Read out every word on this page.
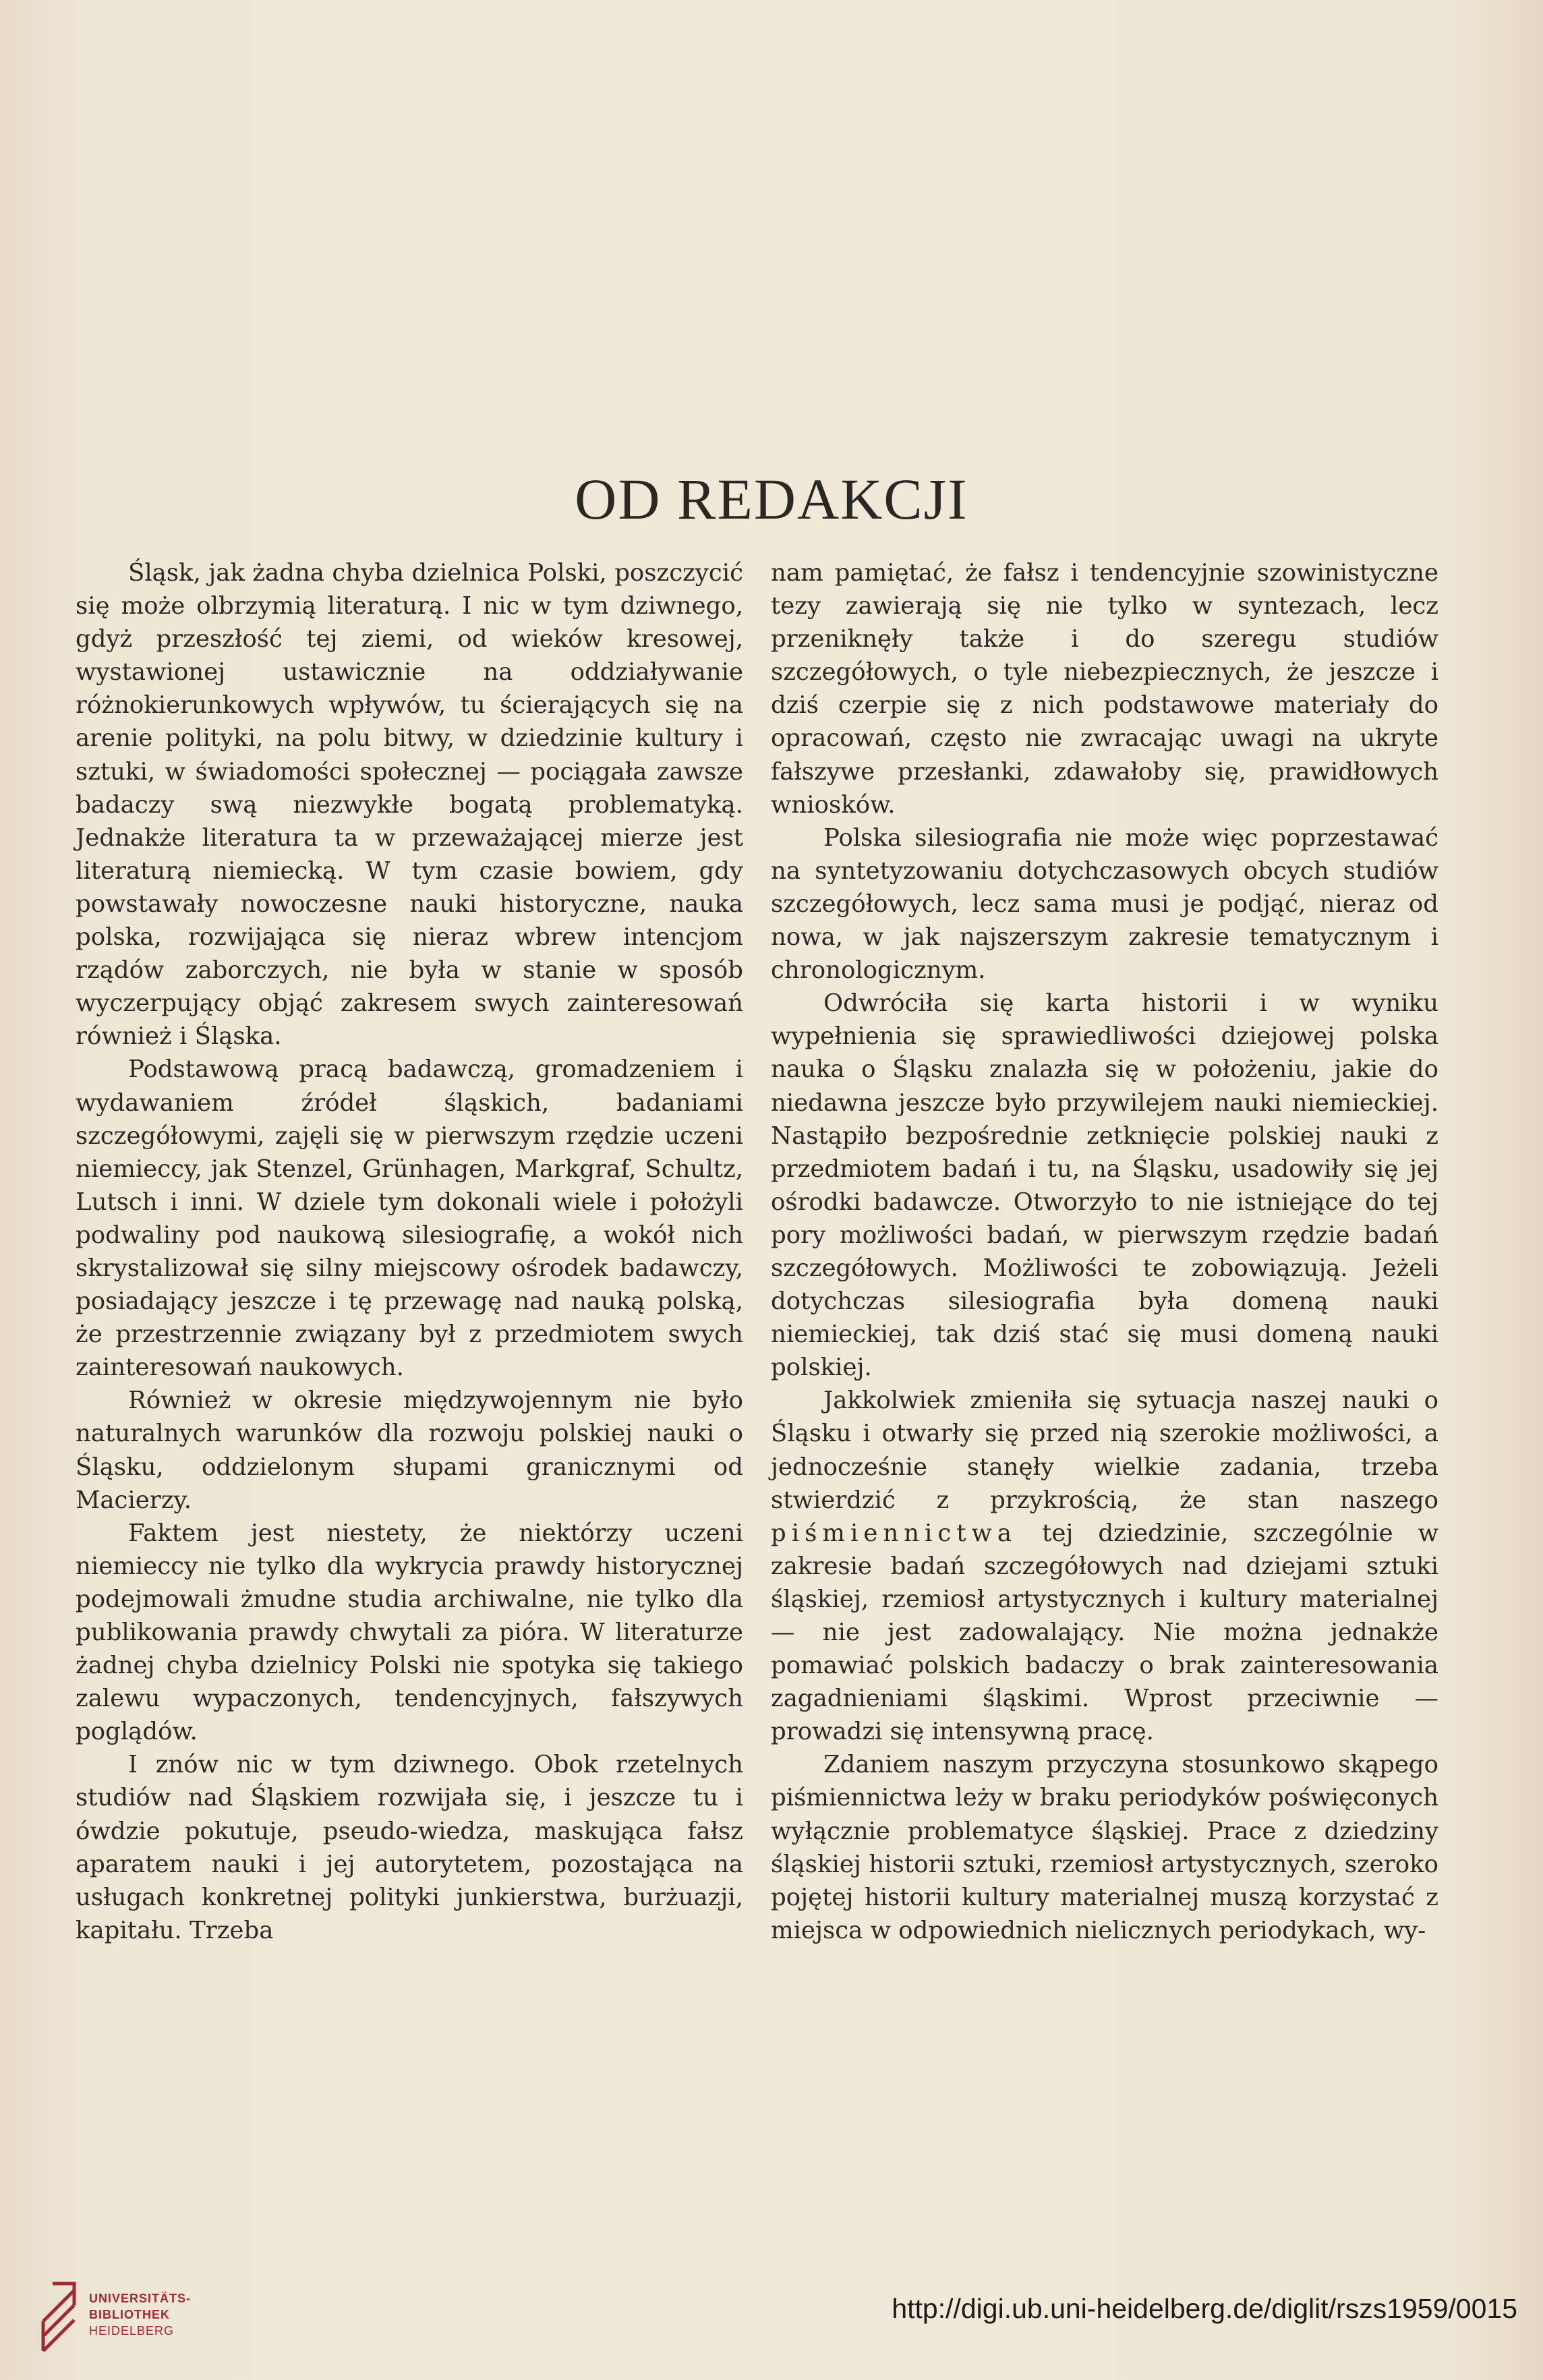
OD REDAKCJI

Śląsk, jak żadna chyba dzielnica Polski, poszczycić się może olbrzymią literaturą. I nic w tym dziwnego, gdyż przeszłość tej ziemi, od wieków kresowej, wystawionej ustawicznie na oddziaływanie różnokierunkowych wpływów, tu ścierających się na arenie polityki, na polu bitwy, w dziedzinie kultury i sztuki, w świadomości społecznej — pociągała zawsze badaczy swą niezwykłe bogatą problematyką. Jednakże literatura ta w przeważającej mierze jest literaturą niemiecką. W tym czasie bowiem, gdy powstawały nowoczesne nauki historyczne, nauka polska, rozwijająca się nieraz wbrew intencjom rządów zaborczych, nie była w stanie w sposób wyczerpujący objąć zakresem swych zainteresowań również i Śląska.

Podstawową pracą badawczą, gromadzeniem i wydawaniem źródeł śląskich, badaniami szczegółowymi, zajęli się w pierwszym rzędzie uczeni niemieccy, jak Stenzel, Grünhagen, Markgraf, Schultz, Lutsch i inni. W dziele tym dokonali wiele i położyli podwaliny pod naukową silesiografię, a wokół nich skrystalizował się silny miejscowy ośrodek badawczy, posiadający jeszcze i tę przewagę nad nauką polską, że przestrzennie związany był z przedmiotem swych zainteresowań naukowych.

Również w okresie międzywojennym nie było naturalnych warunków dla rozwoju polskiej nauki o Śląsku, oddzielonym słupami granicznymi od Macierzy.

Faktem jest niestety, że niektórzy uczeni niemieccy nie tylko dla wykrycia prawdy historycznej podejmowali żmudne studia archiwalne, nie tylko dla publikowania prawdy chwytali za pióra. W literaturze żadnej chyba dzielnicy Polski nie spotyka się takiego zalewu wypaczonych, tendencyjnych, fałszywych poglądów.

I znów nic w tym dziwnego. Obok rzetelnych studiów nad Śląskiem rozwijała się, i jeszcze tu i ówdzie pokutuje, pseudo-wiedza, maskująca fałsz aparatem nauki i jej autorytetem, pozostająca na usługach konkretnej polityki junkierstwa, burżuazji, kapitału. Trzeba

nam pamiętać, że fałsz i tendencyjnie szowinistyczne tezy zawierają się nie tylko w syntezach, lecz przeniknęły także i do szeregu studiów szczegółowych, o tyle niebezpiecznych, że jeszcze i dziś czerpie się z nich podstawowe materiały do opracowań, często nie zwracając uwagi na ukryte fałszywe przesłanki, zdawałoby się, prawidłowych wniosków.

Polska silesiografia nie może więc poprzestawać na syntetyzowaniu dotychczasowych obcych studiów szczegółowych, lecz sama musi je podjąć, nieraz od nowa, w jak najszerszym zakresie tematycznym i chronologicznym.

Odwróciła się karta historii i w wyniku wypełnienia się sprawiedliwości dziejowej polska nauka o Śląsku znalazła się w położeniu, jakie do niedawna jeszcze było przywilejem nauki niemieckiej. Nastąpiło bezpośrednie zetknięcie polskiej nauki z przedmiotem badań i tu, na Śląsku, usadowiły się jej ośrodki badawcze. Otworzyło to nie istniejące do tej pory możliwości badań, w pierwszym rzędzie badań szczegółowych. Możliwości te zobowiązują. Jeżeli dotychczas silesiografia była domeną nauki niemieckiej, tak dziś stać się musi domeną nauki polskiej.

Jakkolwiek zmieniła się sytuacja naszej nauki o Śląsku i otwarły się przed nią szerokie możliwości, a jednocześnie stanęły wielkie zadania, trzeba stwierdzić z przykrością, że stan naszego piśmiennictwa tej dziedzinie, szczególnie w zakresie badań szczegółowych nad dziejami sztuki śląskiej, rzemiosł artystycznych i kultury materialnej — nie jest zadowalający. Nie można jednakże pomawiać polskich badaczy o brak zainteresowania zagadnieniami śląskimi. Wprost przeciwnie — prowadzi się intensywną pracę.

Zdaniem naszym przyczyna stosunkowo skąpego piśmiennictwa leży w braku periodyków poświęconych wyłącznie problematyce śląskiej. Prace z dziedziny śląskiej historii sztuki, rzemiosł artystycznych, szeroko pojętej historii kultury materialnej muszą korzystać z miejsca w odpowiednich nielicznych periodykach, wy-

UNIVERSITÄTS-
BIBLIOTHEK
HEIDELBERG
http://digi.ub.uni-heidelberg.de/diglit/rszs1959/0015
